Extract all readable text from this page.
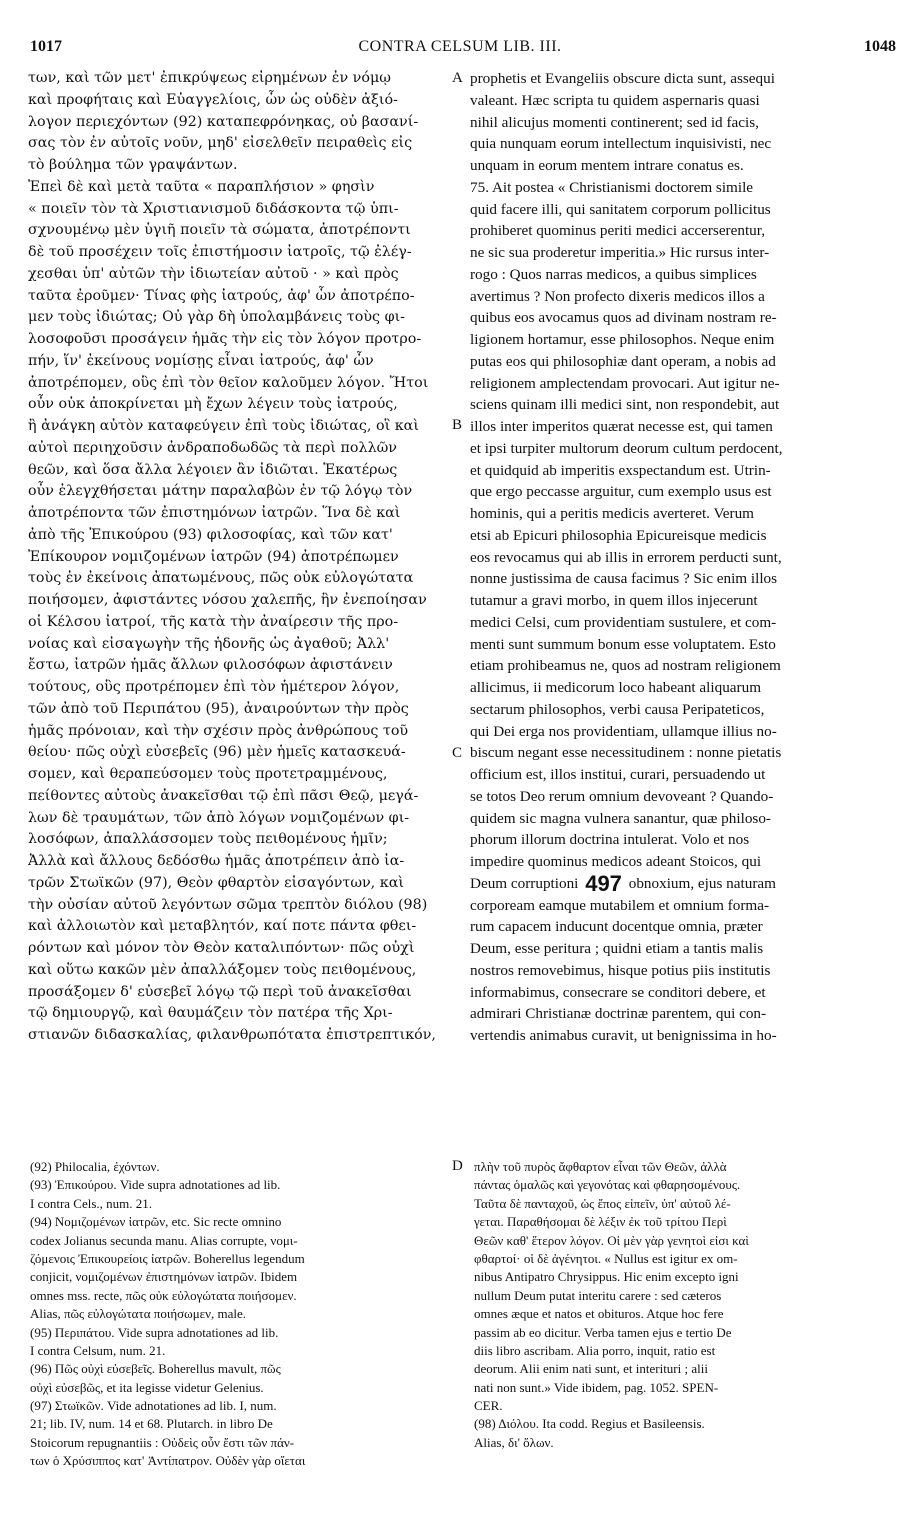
1017	CONTRA CELSUM LIB. III.	1048
των, καὶ τῶν μετ' ἐπικρύψεως εἰρημένων ἐν νόμῳ
καὶ προφήταις καὶ Εὐαγγελίοις, ὧν ὡς οὐδὲν ἀξιό-
λογον περιεχόντων (92) καταπεφρόνηκας, οὐ βασανί-
σας τὸν ἐν αὐτοῖς νοῦν, μηδ' εἰσελθεῖν πειραθεὶς εἰς
τὸ βούλημα τῶν γραψάντων.
Ἐπεὶ δὲ καὶ μετὰ ταῦτα « παραπλήσιον » φησὶν
« ποιεῖν τὸν τὰ Χριστιανισμοῦ διδάσκοντα τῷ ὑπι-
σχνουμένῳ μὲν ὑγιῆ ποιεῖν τὰ σώματα, ἀποτρέποντι
δὲ τοῦ προσέχειν τοῖς ἐπιστήμοσιν ἰατροῖς, τῷ ἐλέγ-
χεσθαι ὑπ' αὐτῶν τὴν ἰδιωτείαν αὐτοῦ · » καὶ πρὸς
ταῦτα ἐροῦμεν· Τίνας φὴς ἰατρούς, ἀφ' ὧν ἀποτρέπο-
μεν τοὺς ἰδιώτας; Οὐ γὰρ δὴ ὑπολαμβάνεις τοὺς φι-
λοσοφοῦσι προσάγειν ἡμᾶς τὴν εἰς τὸν λόγον προτρο-
πήν, ἵν' ἐκείνους νομίσῃς εἶναι ἰατρούς, ἀφ' ὧν
ἀποτρέπομεν, οὓς ἐπὶ τὸν θεῖον καλοῦμεν λόγον. Ἤτοι
οὖν οὐκ ἀποκρίνεται μὴ ἔχων λέγειν τοὺς ἰατρούς,
ἢ ἀνάγκη αὐτὸν καταφεύγειν ἐπὶ τοὺς ἰδιώτας, οἳ καὶ
αὐτοὶ περιηχοῦσιν ἀνδραποδωδῶς τὰ περὶ πολλῶν
θεῶν, καὶ ὅσα ἄλλα λέγοιεν ἂν ἰδιῶται. Ἑκατέρως
οὖν ἐλεγχθήσεται μάτην παραλαβὼν ἐν τῷ λόγῳ τὸν
ἀποτρέποντα τῶν ἐπιστημόνων ἰατρῶν. Ἵνα δὲ καὶ
ἀπὸ τῆς Ἐπικούρου (93) φιλοσοφίας, καὶ τῶν κατ'
Ἐπίκουρον νομιζομένων ἰατρῶν (94) ἀποτρέπωμεν
τοὺς ἐν ἐκείνοις ἀπατωμένους, πῶς οὐκ εὐλογώτατα
ποιήσομεν, ἀφιστάντες νόσου χαλεπῆς, ἣν ἐνεποίησαν
οἱ Κέλσου ἰατροί, τῆς κατὰ τὴν ἀναίρεσιν τῆς προ-
νοίας καὶ εἰσαγωγὴν τῆς ἡδονῆς ὡς ἀγαθοῦ; Ἀλλ'
ἔστω, ἰατρῶν ἡμᾶς ἄλλων φιλοσόφων ἀφιστάνειν
τούτους, οὓς προτρέπομεν ἐπὶ τὸν ἡμέτερον λόγον,
τῶν ἀπὸ τοῦ Περιπάτου (95), ἀναιρούντων τὴν πρὸς
ἡμᾶς πρόνοιαν, καὶ τὴν σχέσιν πρὸς ἀνθρώπους τοῦ
θείου· πῶς οὐχὶ εὐσεβεῖς (96) μὲν ἡμεῖς κατασκευά-
σομεν, καὶ θεραπεύσομεν τοὺς προτετραμμένους,
πείθοντες αὐτοὺς ἀνακεῖσθαι τῷ ἐπὶ πᾶσι Θεῷ, μεγά-
λων δὲ τραυμάτων, τῶν ἀπὸ λόγων νομιζομένων φι-
λοσόφων, ἀπαλλάσσομεν τοὺς πειθομένους ἡμῖν;
Ἀλλὰ καὶ ἄλλους δεδόσθω ἡμᾶς ἀποτρέπειν ἀπὸ ἰα-
τρῶν Στωϊκῶν (97), Θεὸν φθαρτὸν εἰσαγόντων, καὶ
τὴν οὐσίαν αὐτοῦ λεγόντων σῶμα τρεπτὸν διόλου (98)
καὶ ἀλλοιωτὸν καὶ μεταβλητόν, καί ποτε πάντα φθει-
ρόντων καὶ μόνον τὸν Θεὸν καταλιπόντων· πῶς οὐχὶ
καὶ οὕτω κακῶν μὲν ἀπαλλάξομεν τοὺς πειθομένους,
προσάξομεν δ' εὐσεβεῖ λόγῳ τῷ περὶ τοῦ ἀνακεῖσθαι
τῷ δημιουργῷ, καὶ θαυμάζειν τὸν πατέρα τῆς Χρι-
στιανῶν διδασκαλίας, φιλανθρωπότατα ἐπιστρεπτικόν,
A
B
C
D
prophetis et Evangeliis obscure dicta sunt, assequi
valeant. Hæc scripta tu quidem aspernaris quasi
nihil alicujus momenti continerent; sed id facis,
quia nunquam eorum intellectum inquisivisti, nec
unquam in eorum mentem intrare conatus es.
75. Ait postea « Christianismi doctorem simile
quid facere illi, qui sanitatem corporum pollicitus
prohiberet quominus periti medici accerserentur,
ne sic sua proderetur imperitia.» Hic rursus inter-
rogo : Quos narras medicos, a quibus simplices
avertimus ? Non profecto dixeris medicos illos a
quibus eos avocamus quos ad divinam nostram re-
ligionem hortamur, esse philosophos. Neque enim
putas eos qui philosophiæ dant operam, a nobis ad
religionem amplectendam provocari. Aut igitur ne-
sciens quinam illi medici sint, non respondebit, aut
illos inter imperitos quærat necesse est, qui tamen
et ipsi turpiter multorum deorum cultum perdocent,
et quidquid ab imperitis exspectandum est. Utrin-
que ergo peccasse arguitur, cum exemplo usus est
hominis, qui a peritis medicis averteret. Verum
etsi ab Epicuri philosophia Epicureisque medicis
eos revocamus qui ab illis in errorem perducti sunt,
nonne justissima de causa facimus ? Sic enim illos
tutamur a gravi morbo, in quem illos injecerunt
medici Celsi, cum providentiam sustulere, et com-
menti sunt summum bonum esse voluptatem. Esto
etiam prohibeamus ne, quos ad nostram religionem
allicimus, ii medicorum loco habeant aliquarum
sectarum philosophos, verbi causa Peripateticos,
qui Dei erga nos providentiam, ullamque illius no-
biscum negant esse necessitudinem : nonne pietatis
officium est, illos institui, curari, persuadendo ut
se totos Deo rerum omnium devoveant ? Quando-
quidem sic magna vulnera sanantur, quæ philoso-
phorum illorum doctrina intulerat. Volo et nos
impedire quominus medicos adeant Stoicos, qui
Deum corruptioni 497 obnoxium, ejus naturam
corpoream eamque mutabilem et omnium forma-
rum capacem inducunt docentque omnia, præter
Deum, esse peritura ; quidni etiam a tantis malis
nostros removebimus, hisque potius piis institutis
informabimus, consecrare se conditori debere, et
admirari Christianæ doctrinæ parentem, qui con-
vertendis animabus curavit, ut benignissima in ho-
(92) Philocalia, ἐχόντων.
(93) Ἐπικούρου. Vide supra adnotationes ad lib.
I contra Cels., num. 21.
(94) Νομιζομένων ἰατρῶν, etc. Sic recte omnino
codex Jolianus secunda manu. Alias corrupte, νομι-
ζόμενοις Ἐπικουρείοις ἰατρῶν. Boherellus legendum
conjicit, νομιζομένων ἐπιστημόνων ἰατρῶν. Ibidem
omnes mss. recte, πῶς οὐκ εὐλογώτατα ποιήσομεν.
Alias, πῶς εὐλογώτατα ποιήσωμεν, male.
(95) Περιπάτου. Vide supra adnotationes ad lib.
I contra Celsum, num. 21.
(96) Πῶς οὐχὶ εὐσεβεῖς. Boherellus mavult, πῶς
οὐχὶ εὐσεβῶς, et ita legisse videtur Gelenius.
(97) Στωϊκῶν. Vide adnotationes ad lib. I, num.
21; lib. IV, num. 14 et 68. Plutarch. in libro De
Stoicorum repugnantiis : Οὐδεὶς οὖν ἔστι τῶν πάν-
των ὁ Χρύσιππος κατ' Ἀντίπατρον. Οὐδὲν γὰρ οἴεται
πλὴν τοῦ πυρὸς ἄφθαρτον εἶναι τῶν Θεῶν, ἀλλὰ
πάντας ὁμαλῶς καὶ γεγονότας καὶ φθαρησομένους.
Ταῦτα δὲ πανταχοῦ, ὡς ἔπος εἰπεῖν, ὑπ' αὐτοῦ λέ-
γεται. Παραθήσομαι δὲ λέξιν ἐκ τοῦ τρίτου Περὶ
Θεῶν καθ' ἕτερον λόγον. Οἱ μὲν γὰρ γενητοὶ εἰσι καὶ
φθαρτοί· οἱ δὲ ἀγένητοι. « Nullus est igitur ex om-
nibus Antipatro Chrysippus. Hic enim excepto igni
nullum Deum putat interitu carere : sed cæteros
omnes æque et natos et obituros. Atque hoc fere
passim ab eo dicitur. Verba tamen ejus e tertio De
diis libro ascribam. Alia porro, inquit, ratio est
deorum. Alii enim nati sunt, et interituri ; alii
nati non sunt.» Vide ibidem, pag. 1052. SPEN-
CER.
(98) Διόλου. Ita codd. Regius et Basileensis.
Alias, δι' ὅλων.
